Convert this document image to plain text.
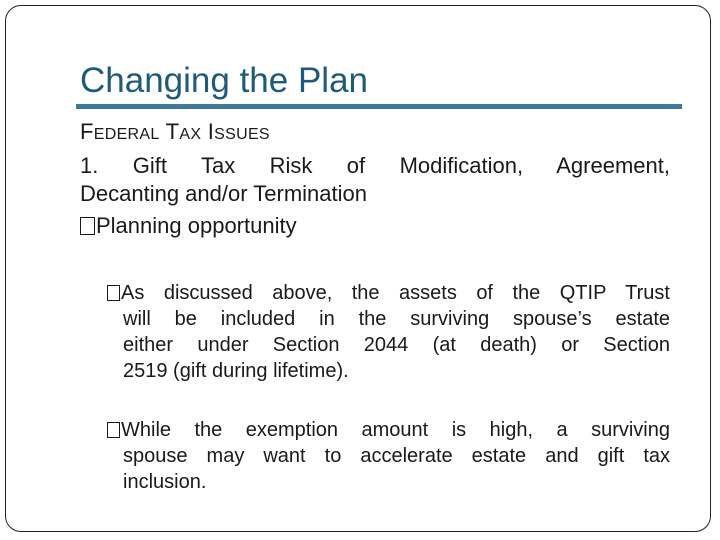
Changing the Plan
FEDERAL TAX ISSUES
1. Gift Tax Risk of Modification, Agreement,
Decanting and/or Termination
Planning opportunity
As discussed above, the assets of the QTIP Trust
will be included in the surviving spouse’s estate
either under Section 2044 (at death) or Section
2519 (gift during lifetime).
While the exemption amount is high, a surviving
spouse may want to accelerate estate and gift tax
inclusion.
